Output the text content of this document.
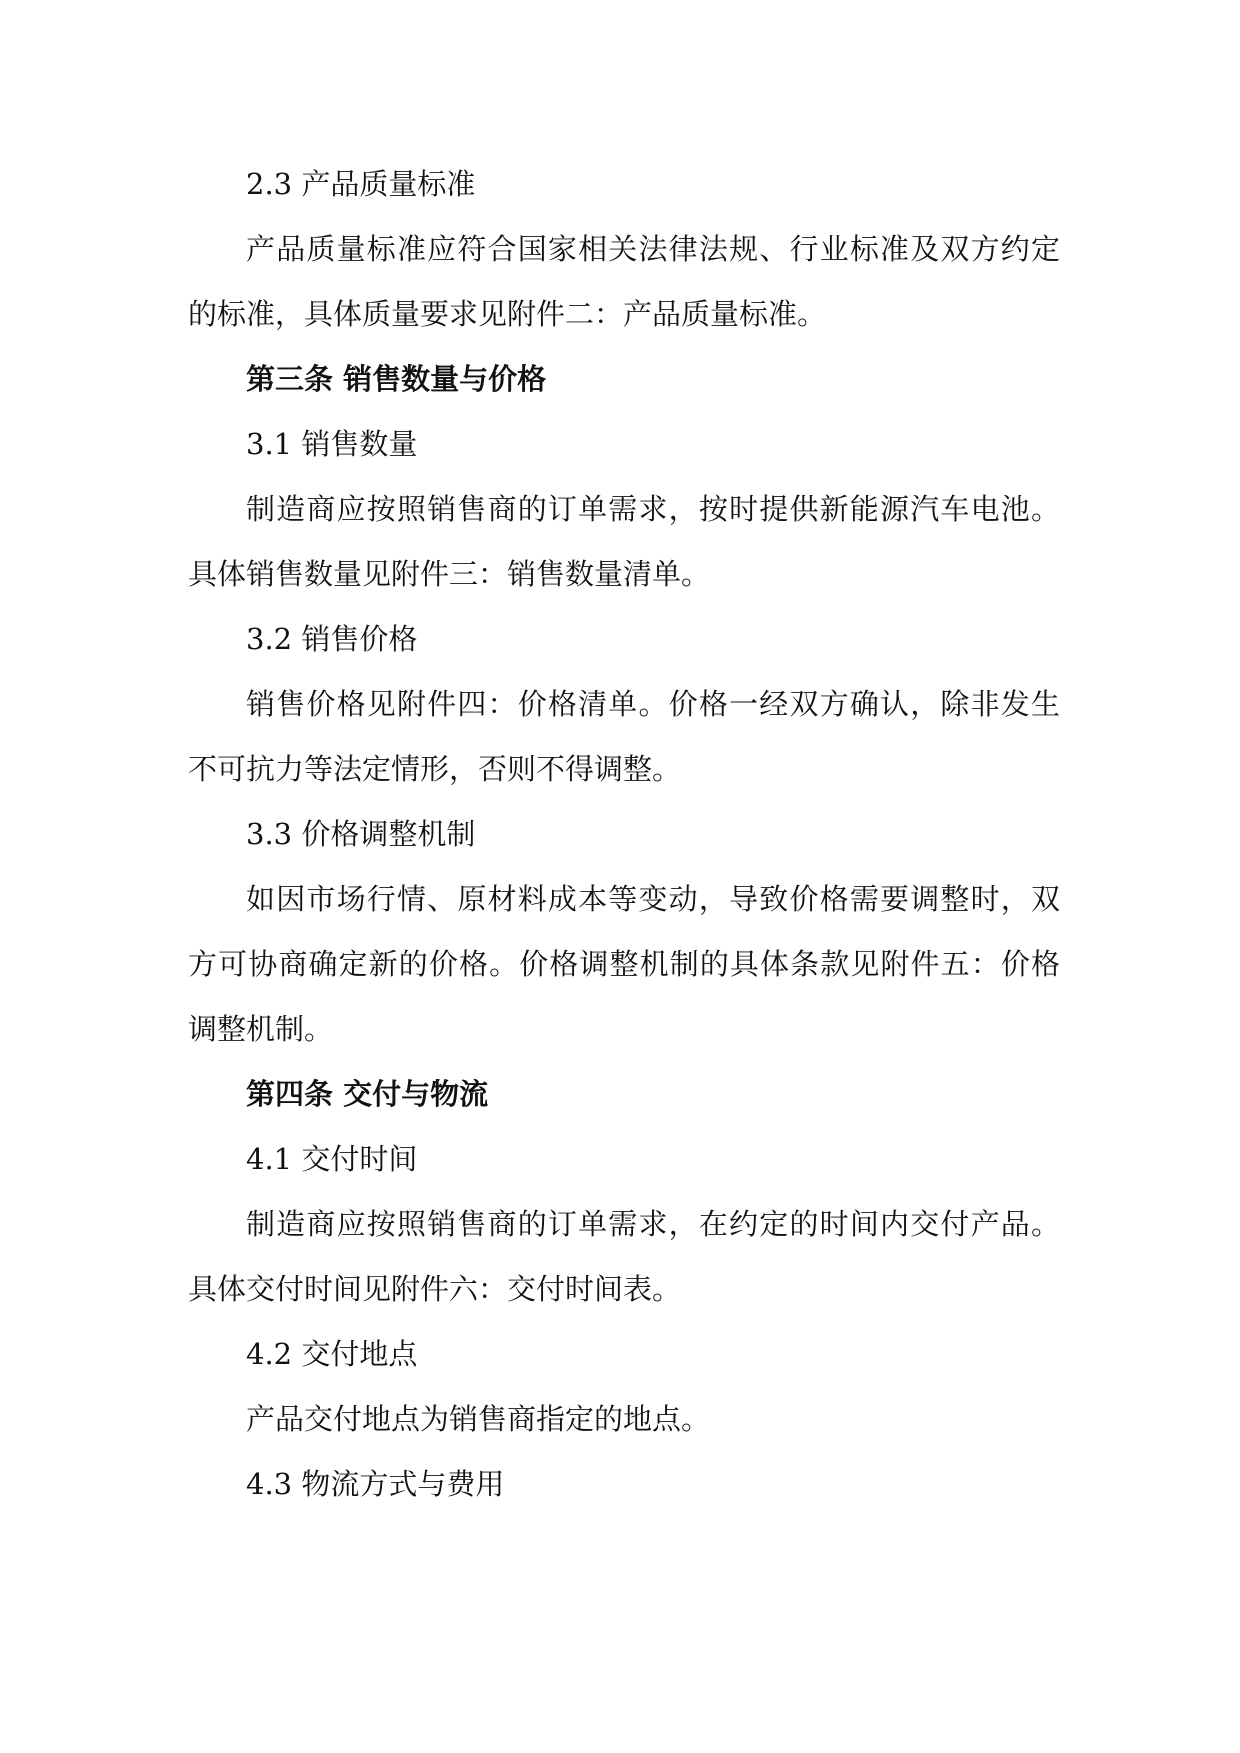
2.3 产品质量标准

产品质量标准应符合国家相关法律法规、行业标准及双方约定

的标准，具体质量要求见附件二：产品质量标准。

第三条 销售数量与价格

3.1 销售数量

制造商应按照销售商的订单需求，按时提供新能源汽车电池。

具体销售数量见附件三：销售数量清单。

3.2 销售价格

销售价格见附件四：价格清单。价格一经双方确认，除非发生

不可抗力等法定情形，否则不得调整。

3.3 价格调整机制

如因市场行情、原材料成本等变动，导致价格需要调整时，双

方可协商确定新的价格。价格调整机制的具体条款见附件五：价格

调整机制。

第四条 交付与物流

4.1 交付时间

制造商应按照销售商的订单需求，在约定的时间内交付产品。

具体交付时间见附件六：交付时间表。

4.2 交付地点

产品交付地点为销售商指定的地点。

4.3 物流方式与费用
